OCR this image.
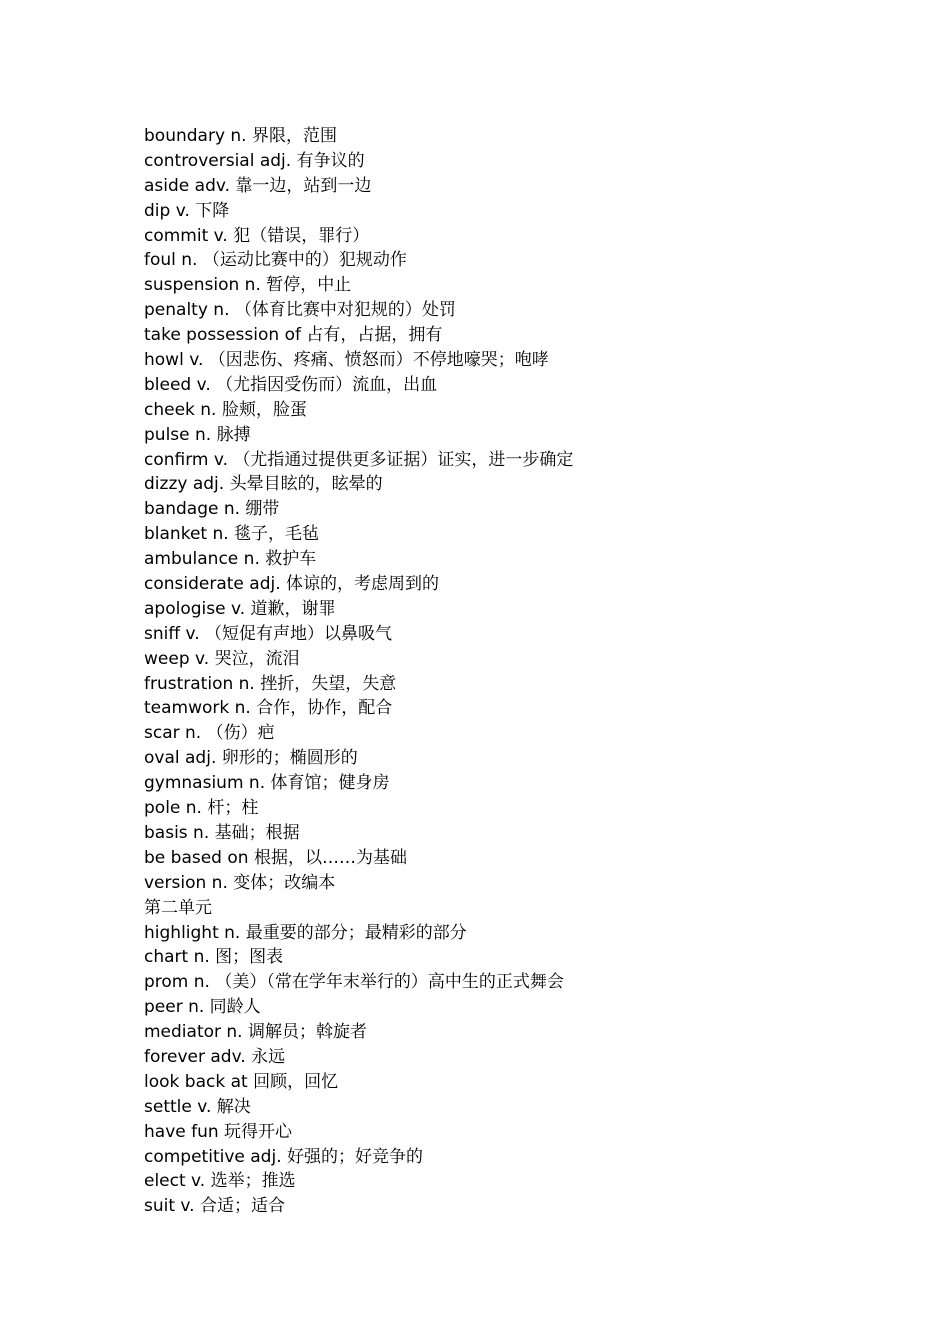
boundary n. 界限，范围
controversial adj. 有争议的
aside adv. 靠一边，站到一边
dip v. 下降
commit v. 犯（错误，罪行）
foul n. （运动比赛中的）犯规动作
suspension n. 暂停，中止
penalty n. （体育比赛中对犯规的）处罚
take possession of 占有，占据，拥有
howl v. （因悲伤、疼痛、愤怒而）不停地嚎哭；咆哮
bleed v. （尤指因受伤而）流血，出血
cheek n. 脸颊，脸蛋
pulse n. 脉搏
confirm v. （尤指通过提供更多证据）证实，进一步确定
dizzy adj. 头晕目眩的，眩晕的
bandage n. 绷带
blanket n. 毯子，毛毡
ambulance n. 救护车
considerate adj. 体谅的，考虑周到的
apologise v. 道歉，谢罪
sniff v. （短促有声地）以鼻吸气
weep v. 哭泣，流泪
frustration n. 挫折，失望，失意
teamwork n. 合作，协作，配合
scar n. （伤）疤
oval adj. 卵形的；椭圆形的
gymnasium n. 体育馆；健身房
pole n. 杆；柱
basis n. 基础；根据
be based on 根据，以……为基础
version n. 变体；改编本
第二单元
highlight n. 最重要的部分；最精彩的部分
chart n. 图；图表
prom n. （美）（常在学年末举行的）高中生的正式舞会
peer n. 同龄人
mediator n. 调解员；斡旋者
forever adv. 永远
look back at 回顾，回忆
settle v. 解决
have fun 玩得开心
competitive adj. 好强的；好竞争的
elect v. 选举；推选
suit v. 合适；适合
